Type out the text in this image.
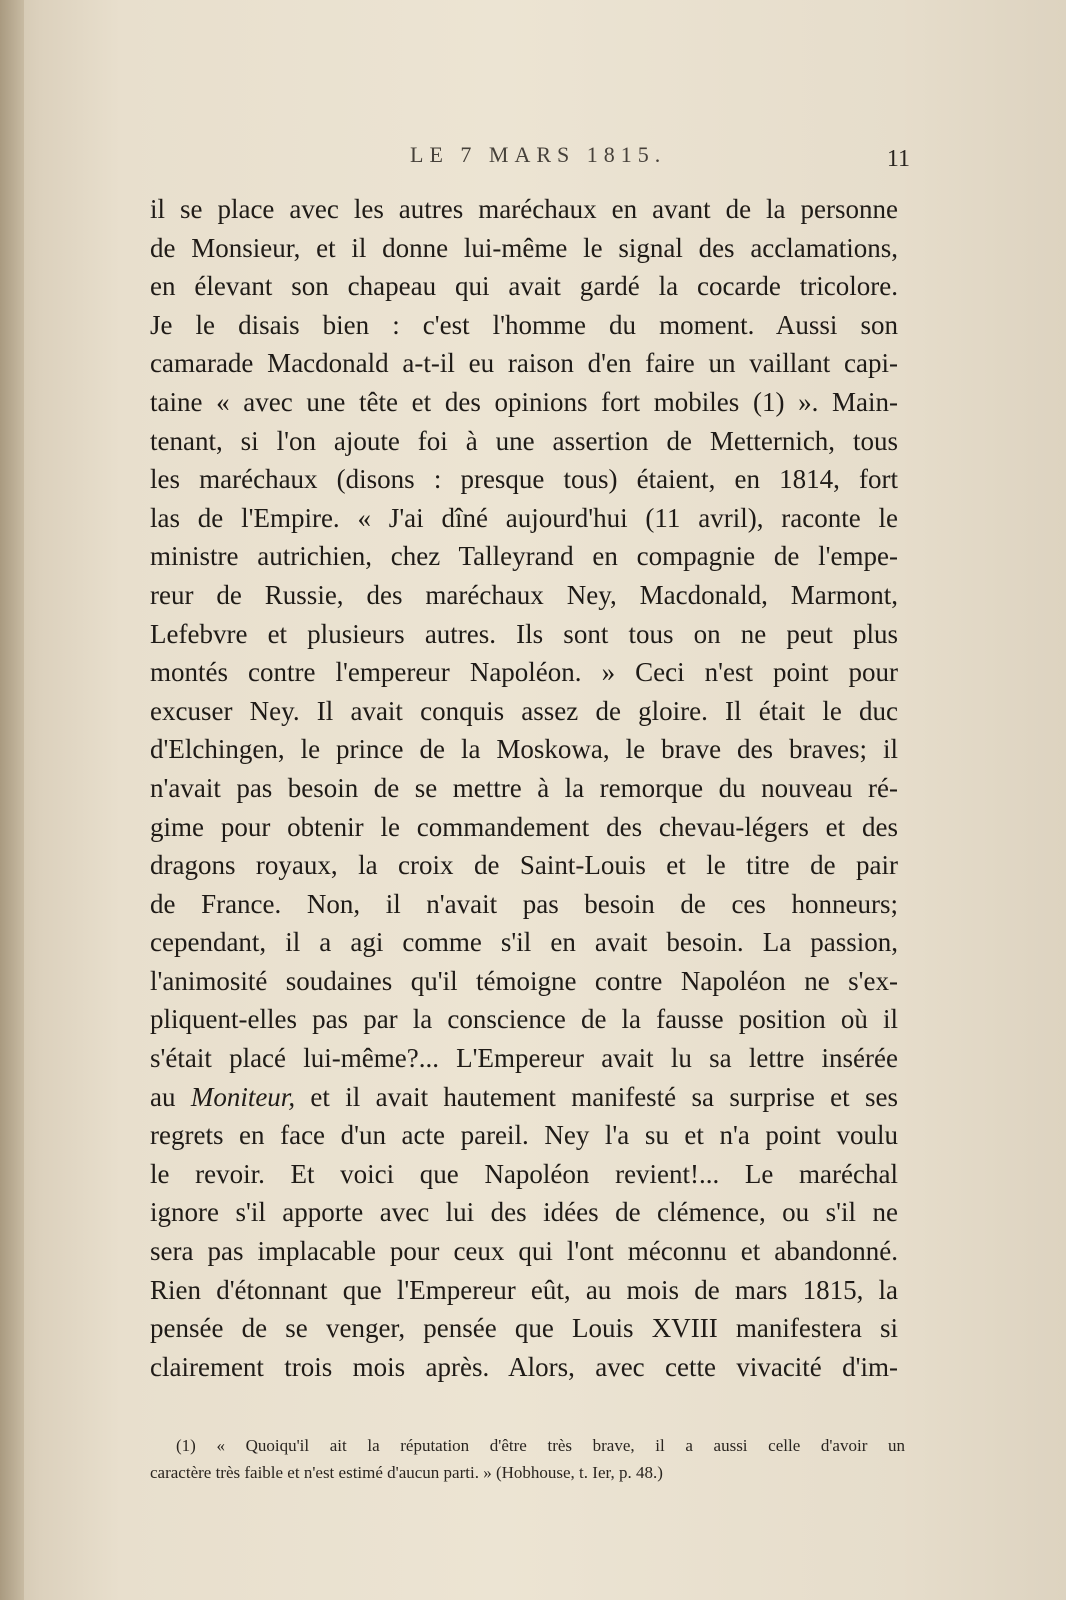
LE 7 MARS 1815.	11
il se place avec les autres maréchaux en avant de la personne
de Monsieur, et il donne lui-même le signal des acclamations,
en élevant son chapeau qui avait gardé la cocarde tricolore.
Je le disais bien : c'est l'homme du moment. Aussi son
camarade Macdonald a-t-il eu raison d'en faire un vaillant capi-
taine « avec une tête et des opinions fort mobiles (1) ». Main-
tenant, si l'on ajoute foi à une assertion de Metternich, tous
les maréchaux (disons : presque tous) étaient, en 1814, fort
las de l'Empire. « J'ai dîné aujourd'hui (11 avril), raconte le
ministre autrichien, chez Talleyrand en compagnie de l'empe-
reur de Russie, des maréchaux Ney, Macdonald, Marmont,
Lefebvre et plusieurs autres. Ils sont tous on ne peut plus
montés contre l'empereur Napoléon. » Ceci n'est point pour
excuser Ney. Il avait conquis assez de gloire. Il était le duc
d'Elchingen, le prince de la Moskowa, le brave des braves; il
n'avait pas besoin de se mettre à la remorque du nouveau ré-
gime pour obtenir le commandement des chevau-légers et des
dragons royaux, la croix de Saint-Louis et le titre de pair
de France. Non, il n'avait pas besoin de ces honneurs;
cependant, il a agi comme s'il en avait besoin. La passion,
l'animosité soudaines qu'il témoigne contre Napoléon ne s'ex-
pliquent-elles pas par la conscience de la fausse position où il
s'était placé lui-même?... L'Empereur avait lu sa lettre insérée
au Moniteur, et il avait hautement manifesté sa surprise et ses
regrets en face d'un acte pareil. Ney l'a su et n'a point voulu
le revoir. Et voici que Napoléon revient!... Le maréchal
ignore s'il apporte avec lui des idées de clémence, ou s'il ne
sera pas implacable pour ceux qui l'ont méconnu et abandonné.
Rien d'étonnant que l'Empereur eût, au mois de mars 1815, la
pensée de se venger, pensée que Louis XVIII manifestera si
clairement trois mois après. Alors, avec cette vivacité d'im-
(1) « Quoiqu'il ait la réputation d'être très brave, il a aussi celle d'avoir un
caractère très faible et n'est estimé d'aucun parti. » (Hobhouse, t. Ier, p. 48.)
